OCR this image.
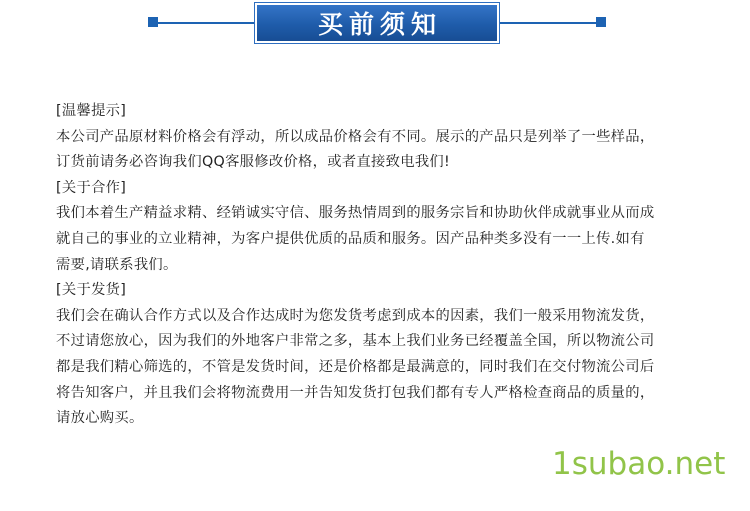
买前须知

[温馨提示]

本公司产品原材料价格会有浮动，所以成品价格会有不同。展示的产品只是列举了一些样品，

订货前请务必咨询我们QQ客服修改价格，或者直接致电我们!

[关于合作]

我们本着生产精益求精、经销诚实守信、服务热情周到的服务宗旨和协助伙伴成就事业从而成

就自己的事业的立业精神，为客户提供优质的品质和服务。因产品种类多没有一一上传.如有

需要,请联系我们。

[关于发货]

我们会在确认合作方式以及合作达成时为您发货考虑到成本的因素，我们一般采用物流发货，

不过请您放心，因为我们的外地客户非常之多，基本上我们业务已经覆盖全国，所以物流公司

都是我们精心筛选的，不管是发货时间，还是价格都是最满意的，同时我们在交付物流公司后

将告知客户，并且我们会将物流费用一并告知发货打包我们都有专人严格检查商品的质量的，

请放心购买。

1subao.net
